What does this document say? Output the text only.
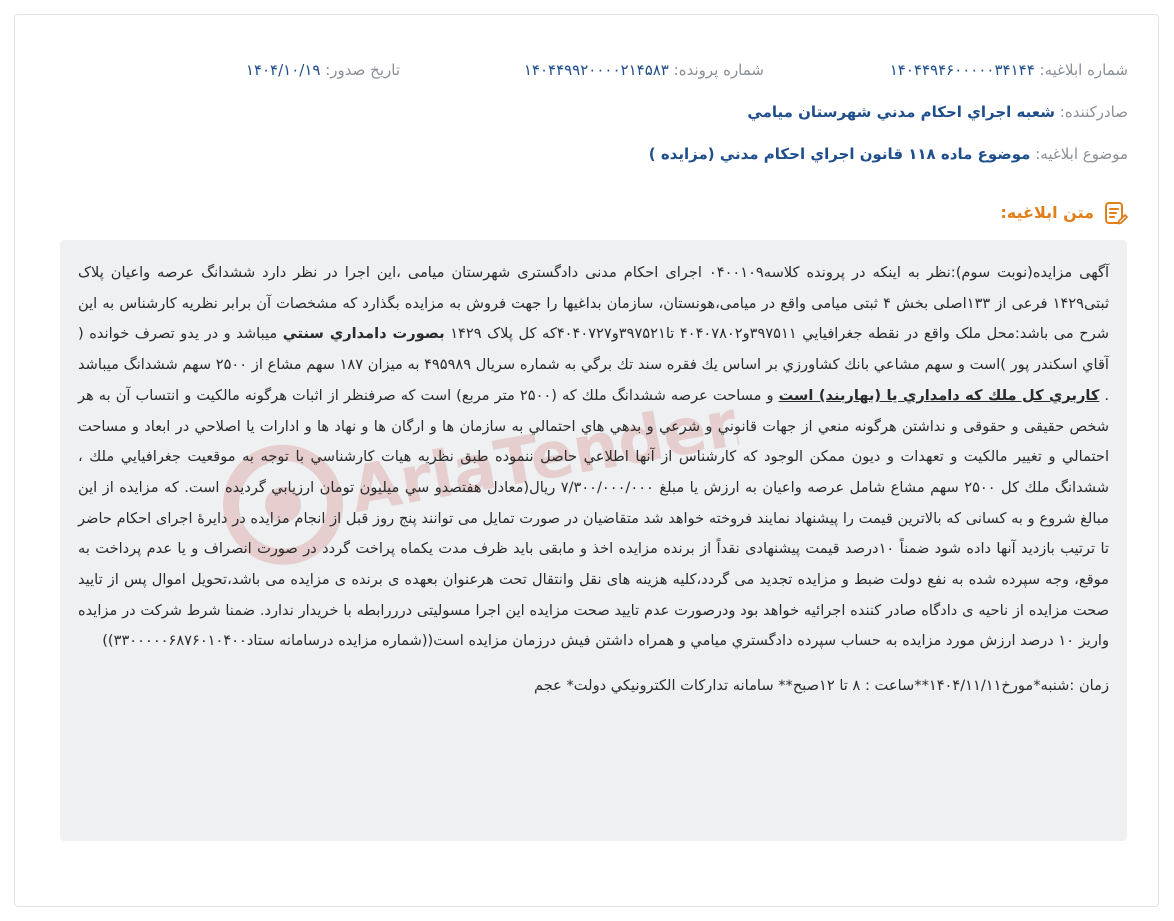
شماره ابلاغیه: ۱۴۰۴۴۹۴۶۰۰۰۰۰۳۴۱۴۴
شماره پرونده: ۱۴۰۴۴۹۹۲۰۰۰۰۲۱۴۵۸۳
تاریخ صدور: ۱۴۰۴/۱۰/۱۹
صادرکننده: شعبه اجراي احكام مدني شهرستان ميامي
موضوع ابلاغیه: موضوع ماده ۱۱۸ قانون اجراي احكام مدني (مزايده )
متن ابلاغیه:
AriaTender.net

آگهی مزایده(نوبت سوم):نظر به اینکه در پرونده کلاسه۰۴۰۰۱۰۹ اجرای احکام مدنی دادگستری شهرستان میامی ،این اجرا در نظر دارد ششدانگ عرصه واعیان پلاک ثبتی۱۴۲۹ فرعی از ۱۳۳اصلی بخش ۴ ثبتی میامی واقع در میامی،هونستان، سازمان بداغیها را جهت فروش به مزایده بگذارد که مشخصات آن برابر نظریه کارشناس به این شرح می باشد:محل ملک واقع در نقطه جغرافيايي ۳۹۷۵۱۱و۴۰۴۰۷۸۰۲ تا۳۹۷۵۲۱و۴۰۴۰۷۲۷که کل پلاک ۱۴۲۹ بصورت دامداري سنتي ميباشد و در يدو تصرف خوانده ( آقاي اسكندر پور )است و سهم مشاعي بانك كشاورزي بر اساس يك فقره سند تك برگي به شماره سريال ۴۹۵۹۸۹ به ميزان ۱۸۷ سهم مشاع از ۲۵۰۰ سهم ششدانگ ميباشد . كاربري كل ملك كه دامداري يا (بهاربند) است و مساحت عرصه ششدانگ ملك كه (۲۵۰۰ متر مربع) است که صرفنظر از اثبات هرگونه مالکیت و انتساب آن به هر شخص حقیقی و حقوقی و نداشتن هرگونه منعي از جهات قانوني و شرعي و بدهي هاي احتمالي به سازمان ها و ارگان ها و نهاد ها و ادارات يا اصلاحي در ابعاد و مساحت احتمالي و تغيير مالكيت و تعهدات و ديون ممكن الوجود كه كارشناس از آنها اطلاعي حاصل ننموده طبق نظريه هيات كارشناسي با توجه به موقعيت جغرافيايي ملك ، ششدانگ ملك كل ۲۵۰۰ سهم مشاع شامل عرصه واعيان به ارزش يا مبلغ ۷/۳۰۰/۰۰۰/۰۰۰ ريال(معادل هفتصدو سي ميليون تومان ارزيابي گرديده است. كه مزايده از اين مبالغ شروع و به کسانی که بالاترین قیمت را پیشنهاد نمایند فروخته خواهد شد متقاضیان در صورت تمایل می توانند پنج روز قبل از انجام مزایده در دایرۀ اجرای احکام حاضر تا ترتیب بازدید آنها داده شود ضمناً ۱۰درصد قیمت پیشنهادی نقداً از برنده مزایده اخذ و مابقی باید ظرف مدت یکماه پراخت گردد در صورت انصراف و يا عدم پرداخت به موقع، وجه سپرده شده به نفع دولت ضبط و مزايده تجديد می گردد،کلیه هزینه های نقل وانتقال تحت هرعنوان بعهده ی برنده ی مزایده می باشد،تحویل اموال پس از تایید صحت مزایده از ناحیه ی دادگاه صادر کننده اجرائیه خواهد بود ودرصورت عدم تایید صحت مزایده این اجرا مسولیتی درررابطه با خریدار ندارد. ضمنا شرط شركت در مزايده واريز ۱۰ درصد ارزش مورد مزايده به حساب سپرده دادگستري ميامي و همراه داشتن فيش درزمان مزايده است((شماره مزايده درسامانه ستاد۳۳۰۰۰۰۰۶۸۷۶۰۱۰۴۰۰))

زمان :شنبه*مورخ۱۴۰۴/۱۱/۱۱**ساعت : ۸ تا ۱۲صبح** سامانه تداركات الكترونيكي دولت* عجم
